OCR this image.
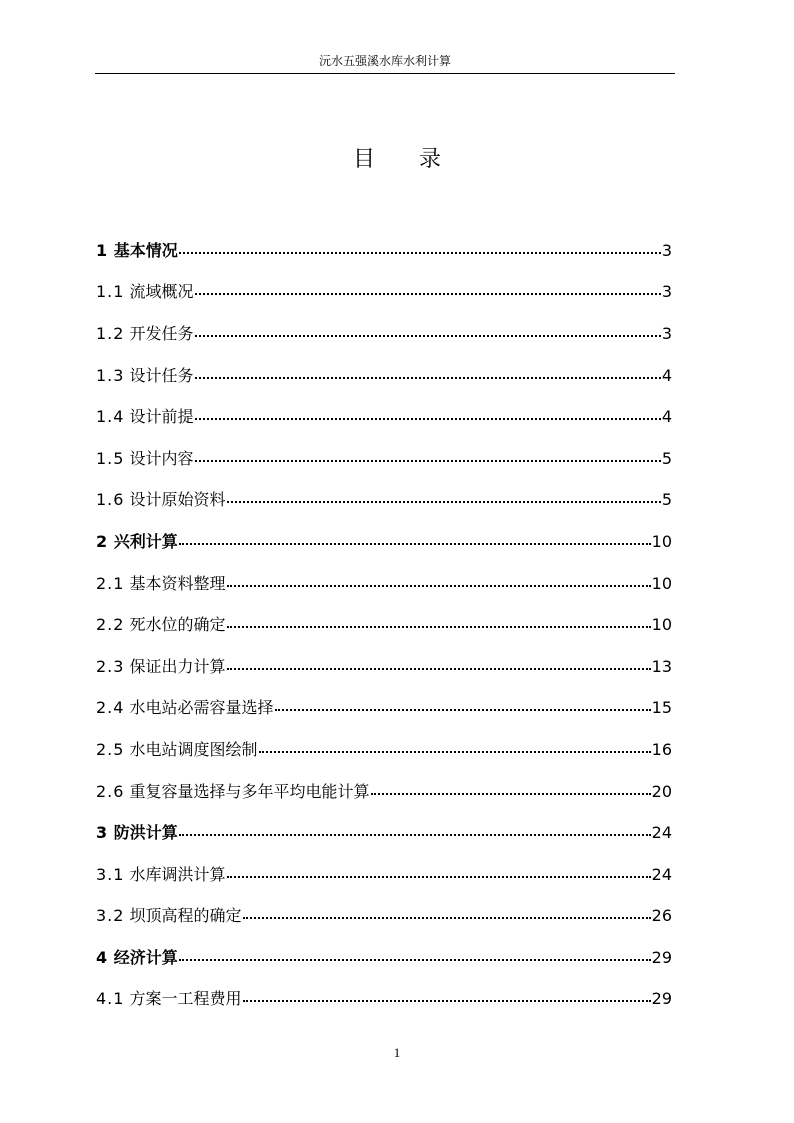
沅水五强溪水库水利计算
目录
1 基本情况	3
1.1 流域概况	3
1.2 开发任务	3
1.3 设计任务	4
1.4 设计前提	4
1.5 设计内容	5
1.6 设计原始资料	5
2 兴利计算	10
2.1 基本资料整理	10
2.2 死水位的确定	10
2.3 保证出力计算	13
2.4 水电站必需容量选择	15
2.5 水电站调度图绘制	16
2.6 重复容量选择与多年平均电能计算	20
3 防洪计算	24
3.1 水库调洪计算	24
3.2 坝顶高程的确定	26
4 经济计算	29
4.1 方案一工程费用	29
1
